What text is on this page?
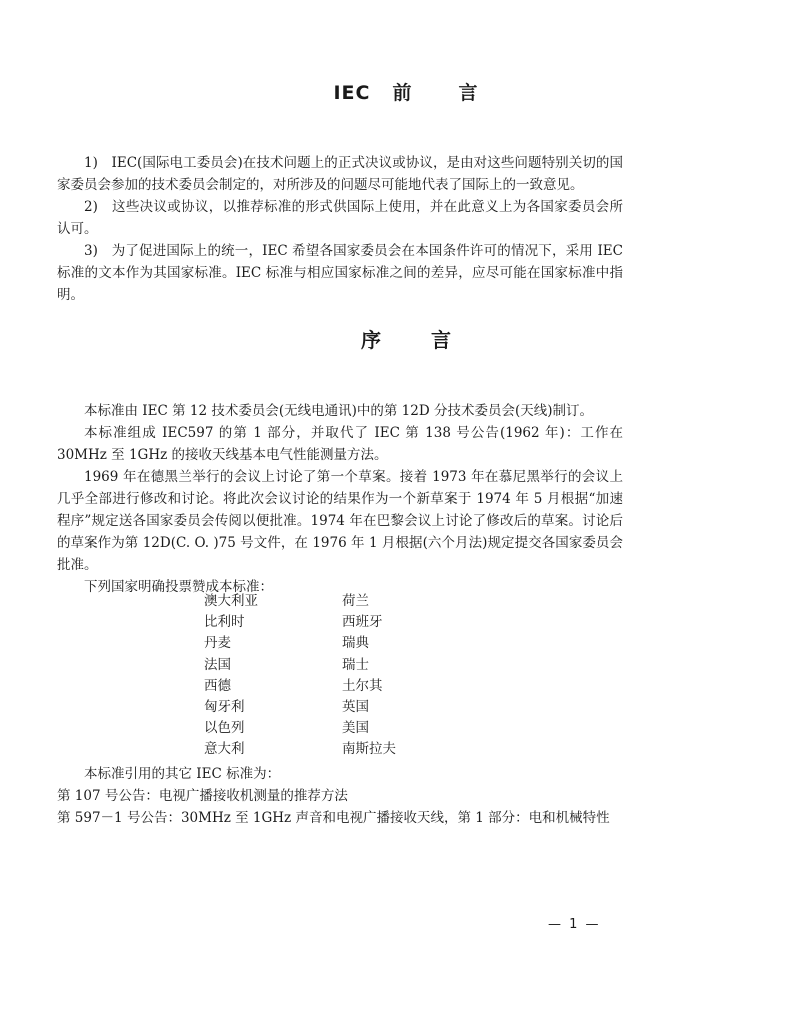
IEC 前 言

1)　IEC(国际电工委员会)在技术问题上的正式决议或协议，是由对这些问题特别关切的国家委员会参加的技术委员会制定的，对所涉及的问题尽可能地代表了国际上的一致意见。

2)　这些决议或协议，以推荐标准的形式供国际上使用，并在此意义上为各国家委员会所认可。

3)　为了促进国际上的统一，IEC 希望各国家委员会在本国条件许可的情况下，采用 IEC 标准的文本作为其国家标准。IEC 标准与相应国家标准之间的差异，应尽可能在国家标准中指明。

序	言

本标准由 IEC 第 12 技术委员会(无线电通讯)中的第 12D 分技术委员会(天线)制订。

本标准组成 IEC597 的第 1 部分，并取代了 IEC 第 138 号公告(1962 年)：工作在 30MHz 至 1GHz 的接收天线基本电气性能测量方法。

1969 年在德黑兰举行的会议上讨论了第一个草案。接着 1973 年在慕尼黑举行的会议上几乎全部进行修改和讨论。将此次会议讨论的结果作为一个新草案于 1974 年 5 月根据“加速程序”规定送各国家委员会传阅以便批准。1974 年在巴黎会议上讨论了修改后的草案。讨论后的草案作为第 12D(C. O. )75 号文件，在 1976 年 1 月根据(六个月法)规定提交各国家委员会批准。

下列国家明确投票赞成本标准：

澳大利亚	荷兰
比利时	西班牙
丹麦	瑞典
法国	瑞士
西德	土尔其
匈牙利	英国
以色列	美国
意大利	南斯拉夫

本标准引用的其它 IEC 标准为：

第 107 号公告：电视广播接收机测量的推荐方法

第 597－1 号公告：30MHz 至 1GHz 声音和电视广播接收天线，第 1 部分：电和机械特性

— 1 —
